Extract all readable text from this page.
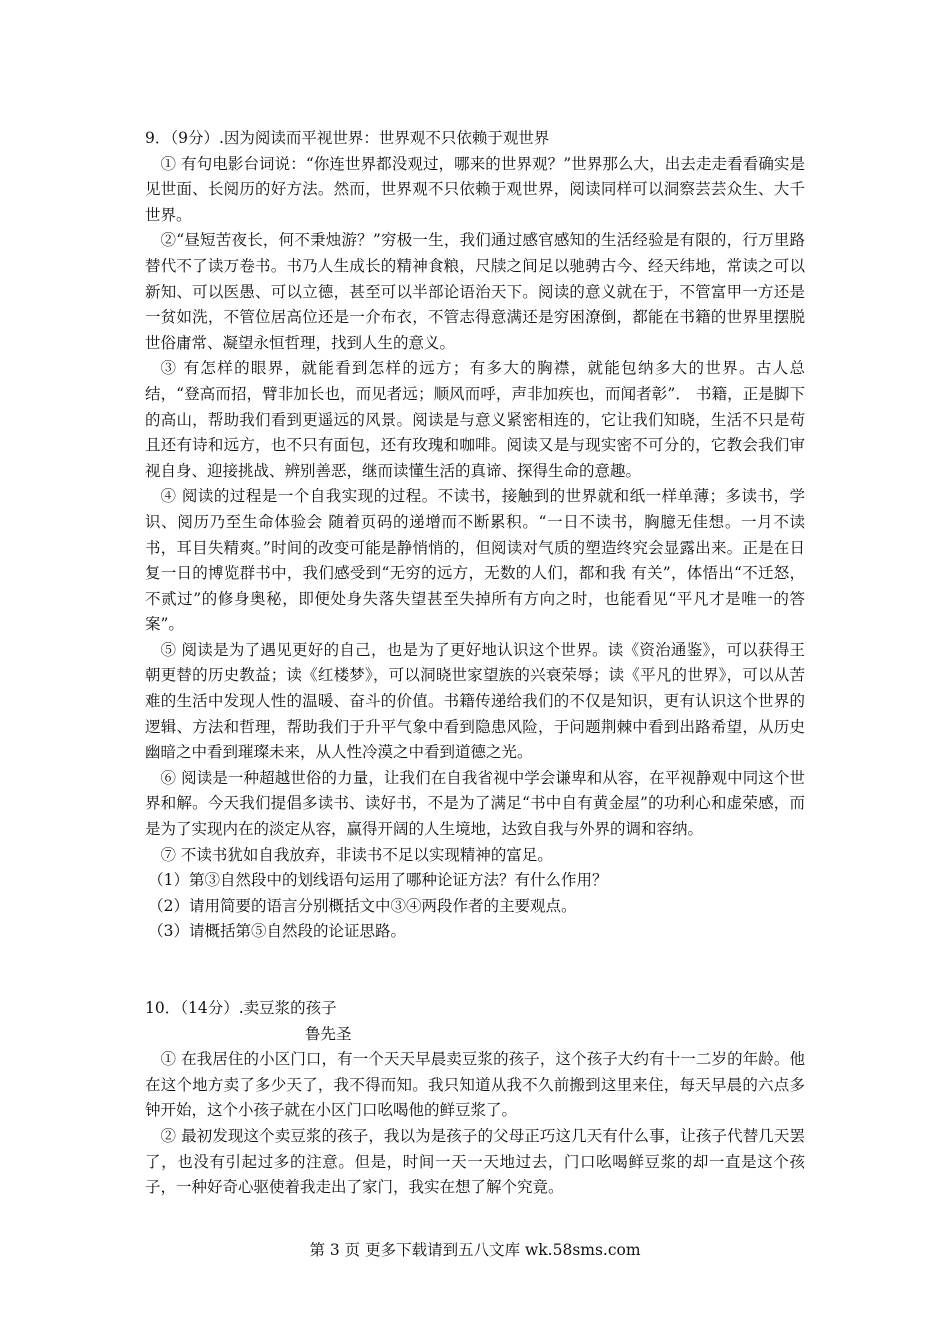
9．（9分）.因为阅读而平视世界：世界观不只依赖于观世界

① 有句电影台词说：“你连世界都没观过，哪来的世界观？”世界那么大，出去走走看看确实是见世面、长阅历的好方法。然而，世界观不只依赖于观世界，阅读同样可以洞察芸芸众生、大千世界。

②“昼短苦夜长，何不秉烛游？”穷极一生，我们通过感官感知的生活经验是有限的，行万里路替代不了读万卷书。书乃人生成长的精神食粮，尺牍之间足以驰骋古今、经天纬地，常读之可以新知、可以医愚、可以立德，甚至可以半部论语治天下。阅读的意义就在于，不管富甲一方还是一贫如洗，不管位居高位还是一介布衣，不管志得意满还是穷困潦倒，都能在书籍的世界里摆脱世俗庸常、凝望永恒哲理，找到人生的意义。

③ 有怎样的眼界，就能看到怎样的远方；有多大的胸襟，就能包纳多大的世界。古人总结，“登高而招，臂非加长也，而见者远；顺风而呼，声非加疾也，而闻者彰”． 书籍，正是脚下的高山，帮助我们看到更遥远的风景。阅读是与意义紧密相连的，它让我们知晓，生活不只是苟且还有诗和远方，也不只有面包，还有玫瑰和咖啡。阅读又是与现实密不可分的，它教会我们审视自身、迎接挑战、辨别善恶，继而读懂生活的真谛、探得生命的意趣。

④ 阅读的过程是一个自我实现的过程。不读书，接触到的世界就和纸一样单薄；多读书，学识、阅历乃至生命体验会 随着页码的递增而不断累积。“一日不读书，胸臆无佳想。一月不读书，耳目失精爽。”时间的改变可能是静悄悄的，但阅读对气质的塑造终究会显露出来。正是在日复一日的博览群书中，我们感受到“无穷的远方，无数的人们，都和我 有关”，体悟出“不迁怒，不贰过”的修身奥秘，即便处身失落失望甚至失掉所有方向之时，也能看见“平凡才是唯一的答案”。

⑤ 阅读是为了遇见更好的自己，也是为了更好地认识这个世界。读《资治通鉴》，可以获得王朝更替的历史教益；读《红楼梦》，可以洞晓世家望族的兴衰荣辱；读《平凡的世界》，可以从苦难的生活中发现人性的温暖、奋斗的价值。书籍传递给我们的不仅是知识，更有认识这个世界的逻辑、方法和哲理，帮助我们于升平气象中看到隐患风险，于问题荆棘中看到出路希望，从历史幽暗之中看到璀璨未来，从人性冷漠之中看到道德之光。

⑥ 阅读是一种超越世俗的力量，让我们在自我省视中学会谦卑和从容，在平视静观中同这个世界和解。今天我们提倡多读书、读好书，不是为了满足“书中自有黄金屋”的功利心和虚荣感，而是为了实现内在的淡定从容，赢得开阔的人生境地，达致自我与外界的调和容纳。

⑦ 不读书犹如自我放弃，非读书不足以实现精神的富足。

（1）第③自然段中的划线语句运用了哪种论证方法？有什么作用？

（2）请用简要的语言分别概括文中③④两段作者的主要观点。

（3）请概括第⑤自然段的论证思路。

10．（14分）.卖豆浆的孩子

鲁先圣

① 在我居住的小区门口，有一个天天早晨卖豆浆的孩子，这个孩子大约有十一二岁的年龄。他在这个地方卖了多少天了，我不得而知。我只知道从我不久前搬到这里来住，每天早晨的六点多钟开始，这个小孩子就在小区门口吆喝他的鲜豆浆了。

② 最初发现这个卖豆浆的孩子，我以为是孩子的父母正巧这几天有什么事，让孩子代替几天罢了，也没有引起过多的注意。但是，时间一天一天地过去，门口吆喝鲜豆浆的却一直是这个孩子，一种好奇心驱使着我走出了家门，我实在想了解个究竟。

第 3 页 更多下载请到五八文库 wk.58sms.com
